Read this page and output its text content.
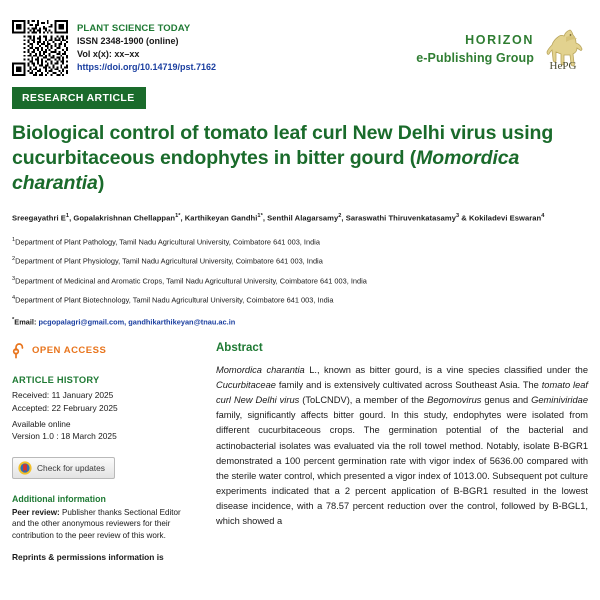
PLANT SCIENCE TODAY
ISSN 2348-1900 (online)
Vol x(x): xx–xx
https://doi.org/10.14719/pst.7162
HORIZON
e-Publishing Group
HePG
RESEARCH ARTICLE
Biological control of tomato leaf curl New Delhi virus using cucurbitaceous endophytes in bitter gourd (Momordica charantia)
Sreegayathri $E^1$, Gopalakrishnan Chellappan$^{1*}$, Karthikeyan Gandhi$^{1*}$, Senthil Alagarsamy$^2$, Saraswathi Thiruvenkatasamy$^3$ & Kokiladevi Eswaran$^4$
$^1$Department of Plant Pathology, Tamil Nadu Agricultural University, Coimbatore 641 003, India
$^2$Department of Plant Physiology, Tamil Nadu Agricultural University, Coimbatore 641 003, India
$^3$Department of Medicinal and Aromatic Crops, Tamil Nadu Agricultural University, Coimbatore 641 003, India
$^4$Department of Plant Biotechnology, Tamil Nadu Agricultural University, Coimbatore 641 003, India
*Email: pcgopalagri@gmail.com, gandhikarthikeyan@tnau.ac.in
OPEN ACCESS
ARTICLE HISTORY
Received: 11 January 2025
Accepted: 22 February 2025
Available online
Version 1.0 : 18 March 2025
Check for updates
Additional information
Peer review: Publisher thanks Sectional Editor and the other anonymous reviewers for their contribution to the peer review of this work.
Reprints & permissions information is
Abstract
Momordica charantia L., known as bitter gourd, is a vine species classified under the Cucurbitaceae family and is extensively cultivated across Southeast Asia. The tomato leaf curl New Delhi virus (ToLCNDV), a member of the Begomovirus genus and Geminiviridae family, significantly affects bitter gourd. In this study, endophytes were isolated from different cucurbitaceous crops. The germination potential of the bacterial and actinobacterial isolates was evaluated via the roll towel method. Notably, isolate B-BGR1 demonstrated a 100 percent germination rate with vigor index of 5636.00 compared with the sterile water control, which presented a vigor index of 1013.00. Subsequent pot culture experiments indicated that a 2 percent application of B-BGR1 resulted in the lowest disease incidence, with a 78.57 percent reduction over the control, followed by B-BGL1, which showed a
